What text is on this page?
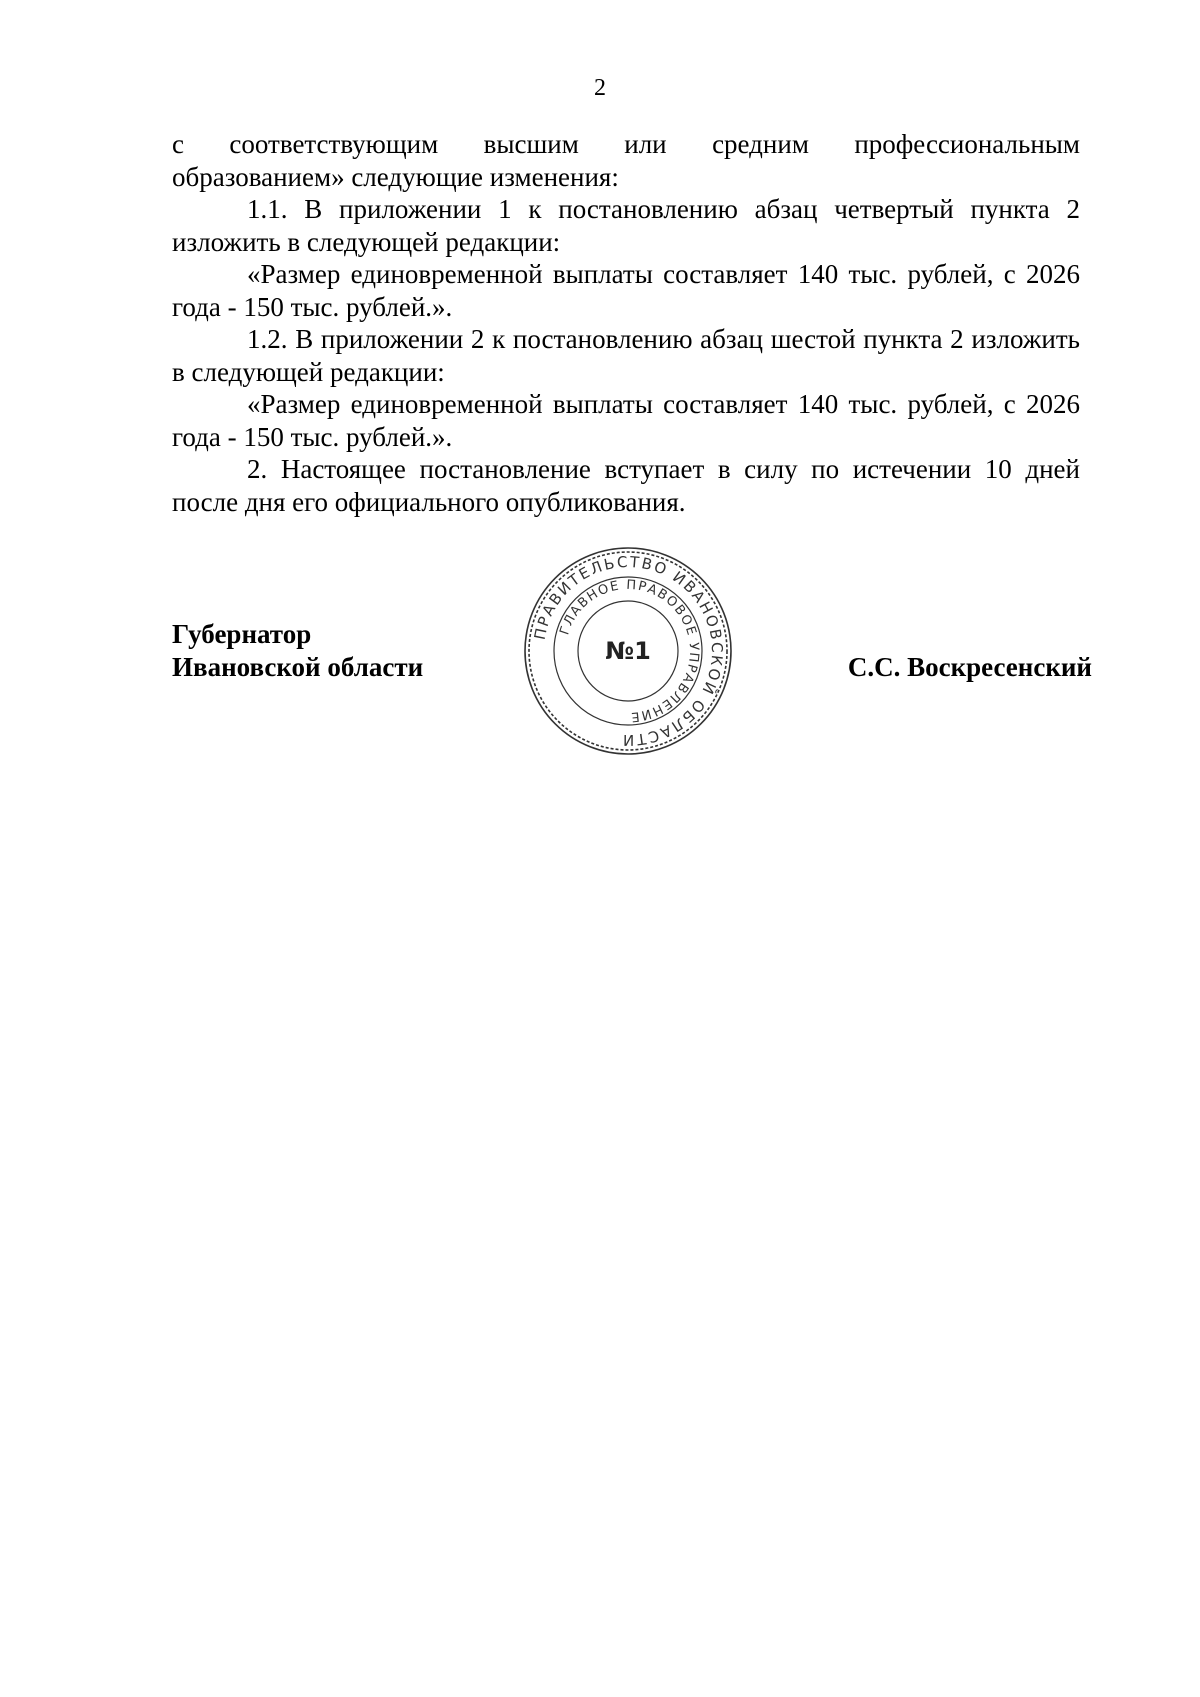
2

с соответствующим высшим или средним профессиональным
образованием» следующие изменения:

1.1. В приложении 1 к постановлению абзац четвертый пункта 2 изложить в следующей редакции:

«Размер единовременной выплаты составляет 140 тыс. рублей, с 2026 года - 150 тыс. рублей.».

1.2. В приложении 2 к постановлению абзац шестой пункта 2 изложить в следующей редакции:

«Размер единовременной выплаты составляет 140 тыс. рублей, с 2026 года - 150 тыс. рублей.».

2. Настоящее постановление вступает в силу по истечении 10 дней после дня его официального опубликования.

ПРАВИТЕЛЬСТВО ИВАНОВСКОЙ ОБЛАСТИ
ГЛАВНОЕ ПРАВОВОЕ УПРАВЛЕНИЕ
№1
Губернатор
Ивановской области	С.С. Воскресенский
